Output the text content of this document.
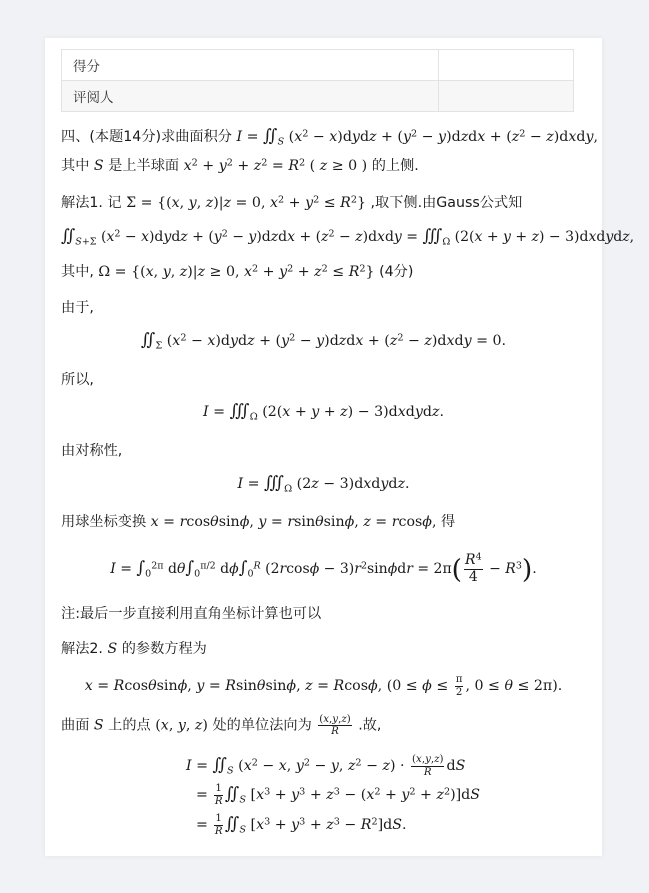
得分	
评阅人	
四、(本题14分)求曲面积分 $I = ∬_S$ ($x^2$ − x)dydz + ($y^2$ − y)dzdx + ($z^2$ − z)dxdy,
其中 S 是上半球面 $x^2 + y^2 + z^2 = R^2$ ( z ≥ 0 ) 的上侧.
解法1. 记 Σ = {(x, y, z)|z = 0, $x^2 + y^2 \le R^2$} ,取下侧.由Gauss公式知
$∬_{S+\Sigma}$ ($x^2$ − x)dydz + ($y^2$ − y)dzdx + ($z^2$ − z)dxdy = $∭_\Omega$ (2(x + y + z) − 3)dxdydz,
其中, Ω = {(x, y, z)|z ≥ 0, $x^2 + y^2 + z^2 \le R^2$} (4分)
由于,
$∬_\Sigma$ ($x^2$ − x)dydz + ($y^2$ − y)dzdx + ($z^2$ − z)dxdy = 0.
所以,
$I = ∭_\Omega$ (2(x + y + z) − 3)dxdydz.
由对称性,
$I = ∭_\Omega$ (2z − 3)dxdydz.
用球坐标变换 x = rcosθsinϕ, y = rsinθsinϕ, z = rcosϕ, 得
$I = \int_0^{2\pi}$ $d\theta\int_0^{\pi/2}$ $d\phi\int_0^R$ $(2rcos\phi - 3)r^2\sin\phi dr = 2\pi( \frac{R^4}{4} - R^3)$.
注:最后一步直接利用直角坐标计算也可以
解法2. S 的参数方程为
x = Rcosθsinϕ, y = Rsinθsinϕ, z = Rcosϕ, ($0 \le \phi \le \frac{\pi}{2}$ , 0 ≤ θ ≤ 2π).
曲面 S 上的点 (x, y, z) 处的单位法向为 $\frac{(x,y,z)}{R}$ .故,
$I = ∬_S$ ($x^2 - x$, $y^2 - y$, $z^2 - z) \cdot \frac{(x,y,z)}{R}$ dS
= $\frac{1}{R}$ $∬_S$ $[x^3 + y^3 + z^3 - (x^2 + y^2 + z^2)]dS$
= $\frac{1}{R}$ $∬_S$ $[x^3 + y^3 + z^3 - R^2]dS$.
